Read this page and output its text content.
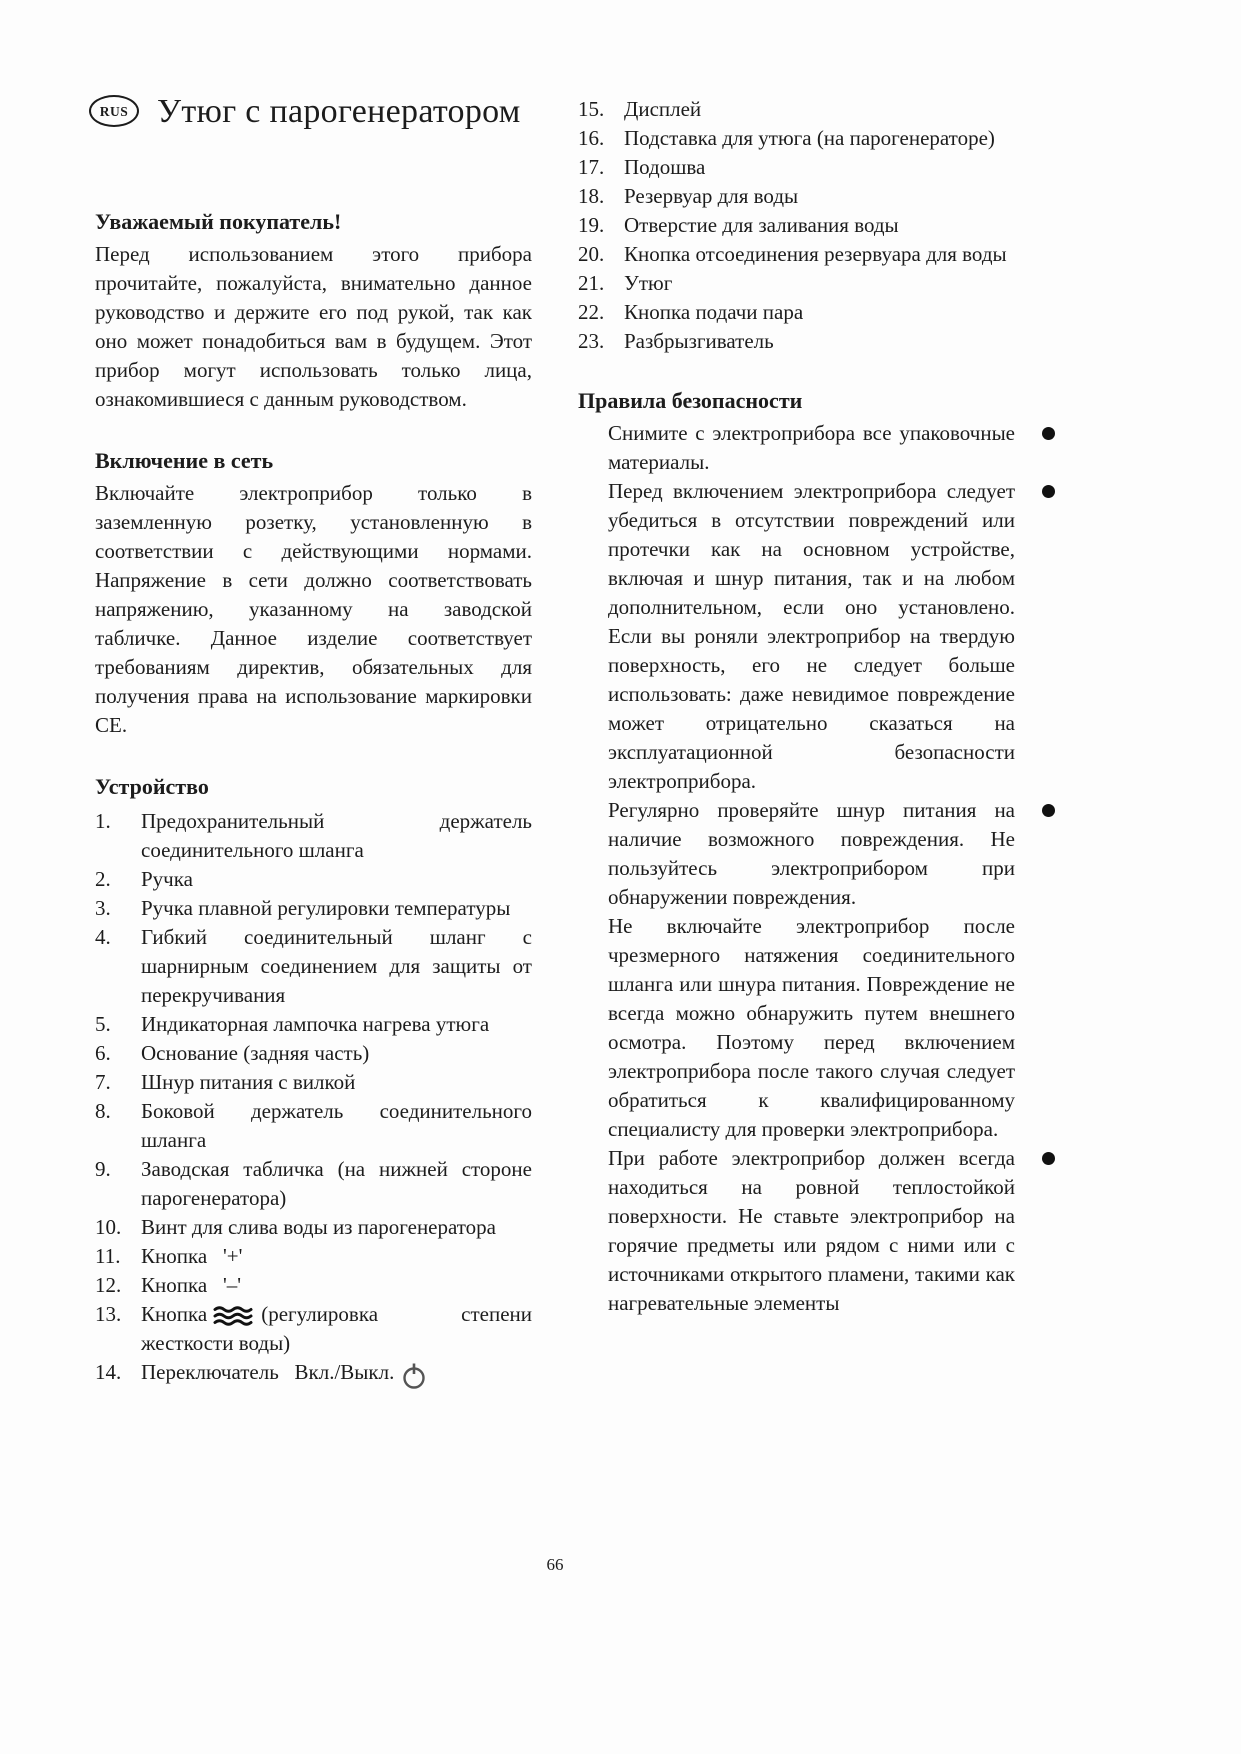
RUS Утюг с парогенератором
Уважаемый покупатель!

Перед использованием этого прибора прочитайте, пожалуйста, внимательно данное руководство и держите его под рукой, так как оно может понадобиться вам в будущем. Этот прибор могут использовать только лица, ознакомившиеся с данным руководством.

Включение в сеть

Включайте электроприбор только в заземленную розетку, установленную в соответствии с действующими нормами. Напряжение в сети должно соответствовать напряжению, указанному на заводской табличке. Данное изделие соответствует требованиям директив, обязательных для получения права на использование маркировки СЕ.

Устройство
1.	Предохранительный держатель соединительного шланга
2.	Ручка
3.	Ручка плавной регулировки температуры
4.	Гибкий соединительный шланг с шарнирным соединением для защиты от перекручивания
5.	Индикаторная лампочка нагрева утюга
6.	Основание (задняя часть)
7.	Шнур питания с вилкой
8.	Боковой держатель соединительного шланга
9.	Заводская табличка (на нижней стороне парогенератора)
10. Винт для слива воды из парогенератора
11. Кнопка   '+'
12. Кнопка   '–'
13. Кнопка	(регулировка степени жесткости воды)
14. Переключатель   Вкл./Выкл.
15. Дисплей
16. Подставка для утюга (на парогенераторе)
17. Подошва
18. Резервуар для воды
19. Отверстие для заливания воды
20. Кнопка отсоединения резервуара для воды
21. Утюг
22. Кнопка подачи пара
23. Разбрызгиватель
Правила безопасности
Снимите с электроприбора все упаковочные материалы.
Перед включением электроприбора следует убедиться в отсутствии повреждений или протечки как на основном устройстве, включая и шнур питания, так и на любом дополнительном, если оно установлено. Если вы роняли электроприбор на твердую поверхность, его не следует больше использовать: даже невидимое повреждение может отрицательно сказаться на эксплуатационной безопасности электроприбора.
Регулярно проверяйте шнур питания на наличие возможного повреждения. Не пользуйтесь электроприбором при обнаружении повреждения.
Не включайте электроприбор после чрезмерного натяжения соединительного шланга или шнура питания. Повреждение не всегда можно обнаружить путем внешнего осмотра. Поэтому перед включением электроприбора после такого случая следует обратиться к квалифицированному специалисту для проверки электроприбора.
При работе электроприбор должен всегда находиться на ровной теплостойкой поверхности. Не ставьте электроприбор на горячие предметы или рядом с ними или с источниками открытого пламени, такими как нагревательные элементы
66
